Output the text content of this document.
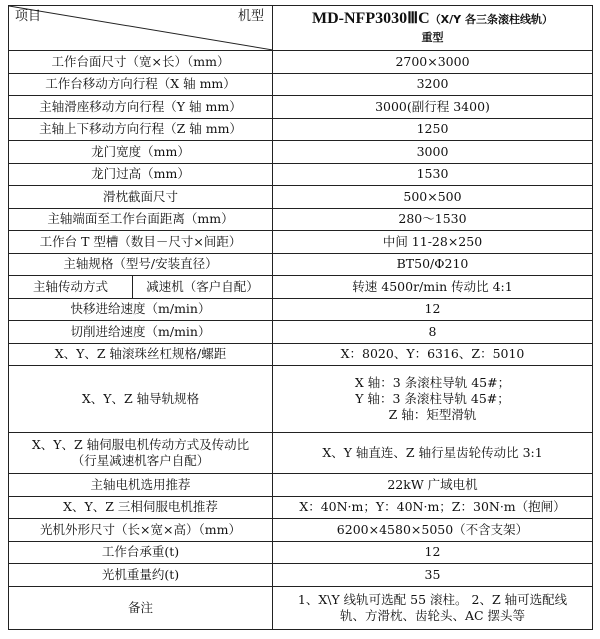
项目 机型		MD-NFP3030ⅢC（X/Y 各三条滚柱线轨）
重型

工作台面尺寸（宽×长）（mm）		2700×3000
工作台移动方向行程（X 轴 mm）		3200
主轴滑座移动方向行程（Y 轴 mm）		3000(副行程 3400)
主轴上下移动方向行程（Z 轴 mm）		1250
龙门宽度（mm）		3000
龙门过高（mm）		1530
滑枕截面尺寸		500×500
主轴端面至工作台面距离（mm）		280～1530
工作台 T 型槽（数目－尺寸×间距）		中间 11-28×250
主轴规格（型号/安装直径）		BT50/Φ210
主轴传动方式	减速机（客户自配）	转速 4500r/min 传动比 4:1
快移进给速度（m/min）		12
切削进给速度（m/min）		8
X、Y、Z 轴滚珠丝杠规格/螺距		X：8020、Y：6316、Z：5010
X、Y、Z 轴导轨规格		X 轴：3 条滚柱导轨 45#；
Y 轴：3 条滚柱导轨 45#；
Z 轴：矩型滑轨

X、Y、Z 轴伺服电机传动方式及传动比
（行星减速机客户自配）		X、Y 轴直连、Z 轴行星齿轮传动比 3:1
主轴电机选用推荐		22kW 广域电机
X、Y、Z 三相伺服电机推荐		X：40N·m；Y：40N·m；Z：30N·m（抱闸）
光机外形尺寸（长×宽×高）（mm）		6200×4580×5050（不含支架）
工作台承重(t)		12
光机重量约(t)		35
备注		1、X\Y 线轨可选配 55 滚柱。 2、Z 轴可选配线
轨、方滑枕、齿轮头、AC 摆头等
